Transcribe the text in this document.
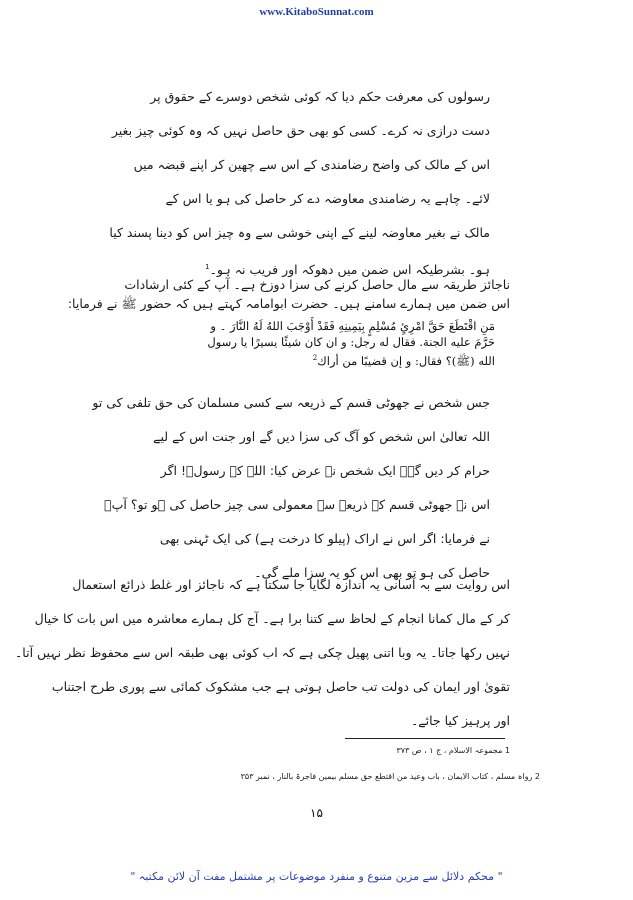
www.KitaboSunnat.com
رسولوں کی معرفت حکم دیا کہ کوئی شخص دوسرے کے حقوق پر
دست درازی نہ کرے۔ کسی کو بھی حق حاصل نہیں کہ وہ کوئی چیز بغیر
اس کے مالک کی واضح رضامندی کے اس سے چھین کر اپنے قبضہ میں
لائے۔ چاہے یہ رضامندی معاوضہ دے کر حاصل کی ہو یا اس کے
مالک نے بغیر معاوضہ لینے کے اپنی خوشی سے وہ چیز اس کو دینا پسند کیا
ہو۔ بشرطیکہ اس ضمن میں دھوکہ اور فریب نہ ہو۔$^1$
ناجائز طریقہ سے مال حاصل کرنے کی سزا دوزخ ہے۔ آپ کے کئی ارشادات
اس ضمن میں ہمارے سامنے ہیں۔ حضرت ابوامامہ کہتے ہیں کہ حضور ﷺ نے فرمایا:
مَنِ اقْتَطَعَ حَقَّ امْرِئٍ مُسْلِمٍ بِيَمِينِهِ فَقَدْ أَوْجَبَ اللهُ لَهُ النَّارَ ۔ و
حَرَّمَ عليه الجنة. فقال له رجل: و ان كان شيئًا يسيرًا يا رسول
الله (ﷺ)؟ فقال: و إن قضيبًا من أراك$^2$
جس شخص نے جھوٹی قسم کے ذریعہ سے کسی مسلمان کی حق تلفی کی تو
اللہ تعالیٰ اس شخص کو آگ کی سزا دیں گے اور جنت اس کے لیے
حرام کر دیں گے۔ ایک شخص نے عرض کیا: اللہ کے رسولؐ! اگر
اس نے جھوٹی قسم کے ذریعہ سے معمولی سی چیز حاصل کی ہو تو؟ آپؐ
نے فرمایا: اگر اس نے اراک (پیلو کا درخت ہے) کی ایک ٹہنی بھی
حاصل کی ہو تو بھی اس کو یہ سزا ملے گی۔
اس روایت سے بہ آسانی یہ اندازہ لگایا جا سکتا ہے کہ ناجائز اور غلط ذرائع استعمال
کر کے مال کمانا انجام کے لحاظ سے کتنا برا ہے۔ آج کل ہمارے معاشرہ میں اس بات کا خیال
نہیں رکھا جاتا۔ یہ وبا اتنی پھیل چکی ہے کہ اب کوئی بھی طبقہ اس سے محفوظ نظر نہیں آتا۔
تقویٰ اور ایمان کی دولت تب حاصل ہوتی ہے جب مشکوک کمائی سے پوری طرح اجتناب
اور پرہیز کیا جائے۔
1 مجموعہ الاسلام ، ج ۱ ، ص ۳۷۳
2 رواہ مسلم ، کتاب الایمان ، باب وعید من اقتطع حق مسلم بیمین فاجرۃ بالنار ، نمبر ۳۵۳
۱۵
" محکم دلائل سے مزین متنوع و منفرد موضوعات پر مشتمل مفت آن لائن مکتبہ "
